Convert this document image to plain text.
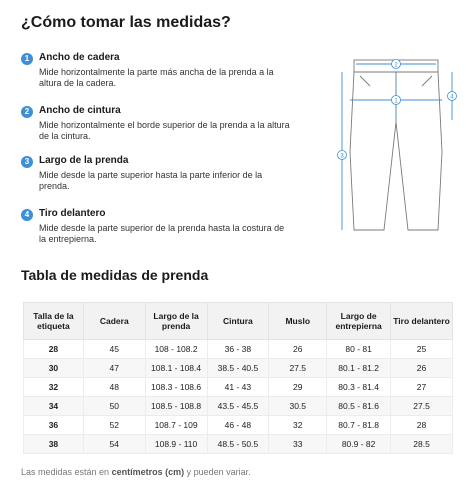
¿Cómo tomar las medidas?
1 Ancho de cadera
Mide horizontalmente la parte más ancha de la prenda a la altura de la cadera.
2 Ancho de cintura
Mide horizontalmente el borde superior de la prenda a la altura de la cintura.
3 Largo de la prenda
Mide desde la parte superior hasta la parte inferior de la prenda.
4 Tiro delantero
Mide desde la parte superior de la prenda hasta la costura de la entrepierna.
2
1
3
4
Tabla de medidas de prenda
Talla de la etiqueta	Cadera	Largo de la prenda	Cintura	Muslo	Largo de entrepierna	Tiro delantero
28	45	108 - 108.2	36 - 38	26	80 - 81	25
30	47	108.1 - 108.4	38.5 - 40.5	27.5	80.1 - 81.2	26
32	48	108.3 - 108.6	41 - 43	29	80.3 - 81.4	27
34	50	108.5 - 108.8	43.5 - 45.5	30.5	80.5 - 81.6	27.5
36	52	108.7 - 109	46 - 48	32	80.7 - 81.8	28
38	54	108.9 - 110	48.5 - 50.5	33	80.9 - 82	28.5
Las medidas están en centímetros (cm) y pueden variar.
